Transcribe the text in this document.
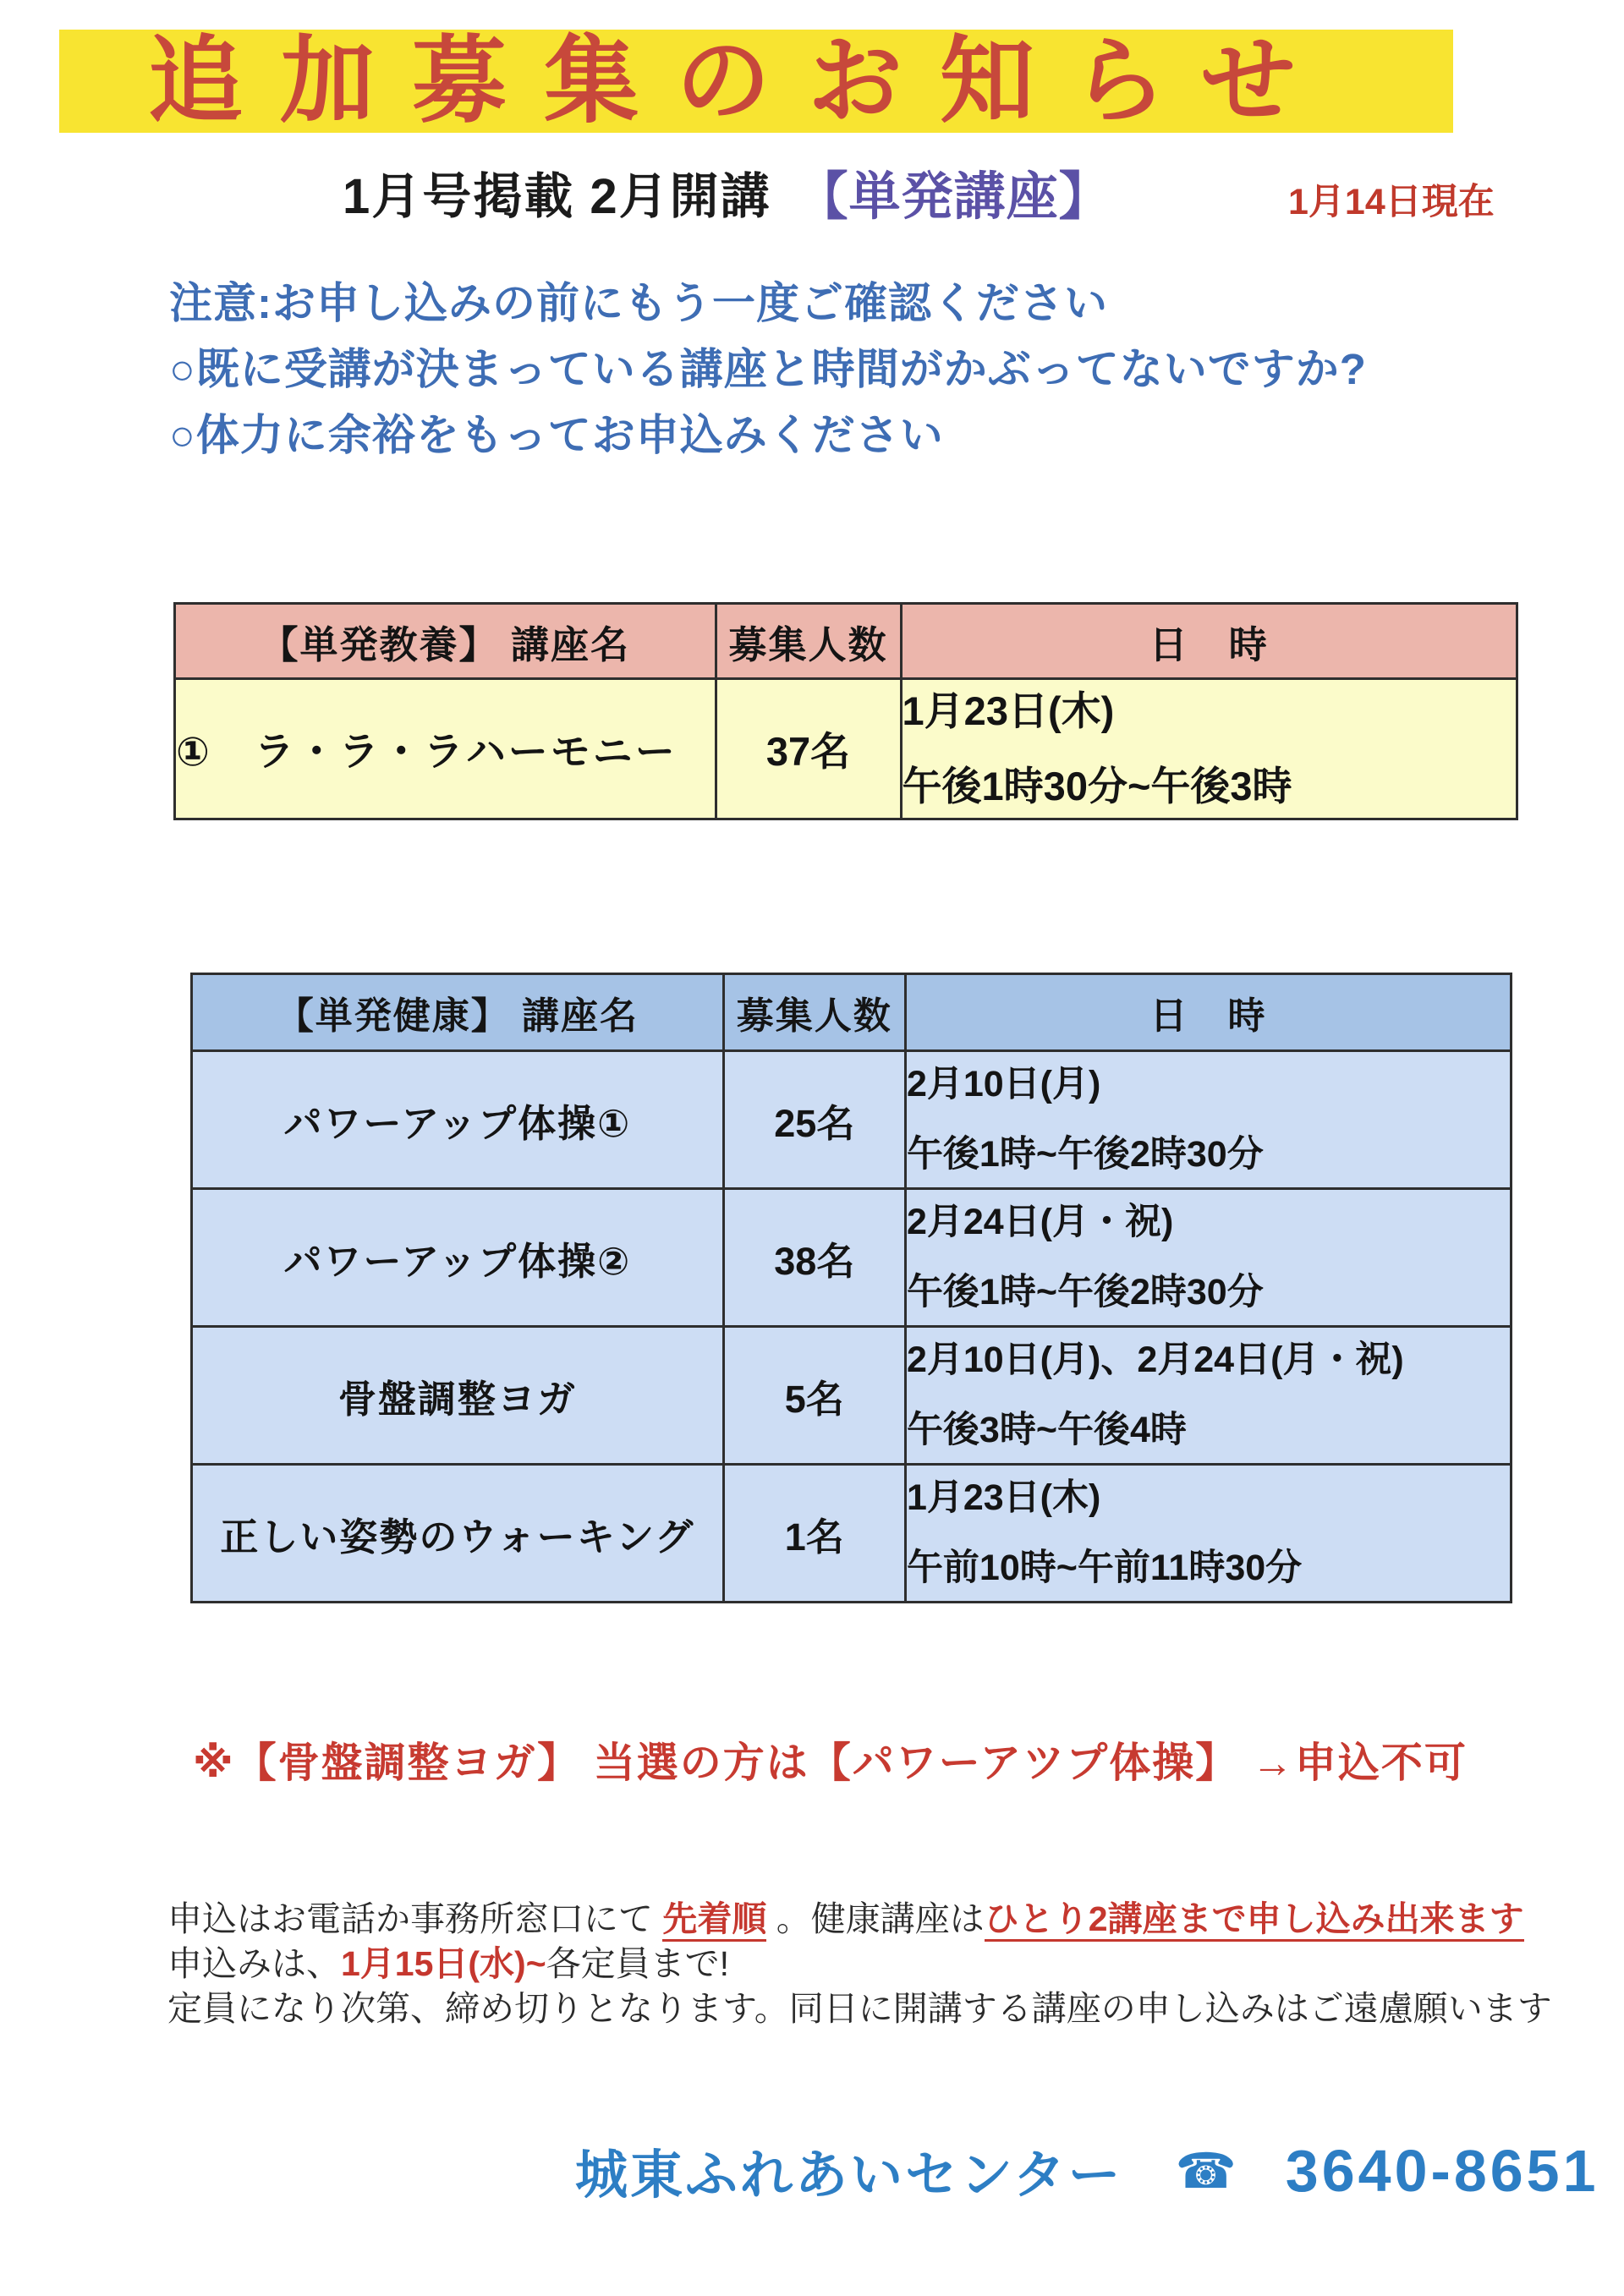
追加募集のお知らせ
1月号掲載 2月開講 【単発講座】	1月14日現在
注意:お申し込みの前にもう一度ご確認ください
○既に受講が決まっている講座と時間がかぶってないですか?
○体力に余裕をもってお申込みください
【単発教養】 講座名	募集人数	日　時
①　ラ・ラ・ラハーモニー	37名	1月23日(木)
午後1時30分~午後3時
【単発健康】 講座名	募集人数	日　時
パワーアップ体操①	25名	2月10日(月)
午後1時~午後2時30分

パワーアップ体操②	38名	2月24日(月・祝)
午後1時~午後2時30分

骨盤調整ヨガ	5名	2月10日(月)、2月24日(月・祝)
午後3時~午後4時

正しい姿勢のウォーキング	1名	1月23日(木)
午前10時~午前11時30分
※【骨盤調整ヨガ】 当選の方は【パワーアツプ体操】 →申込不可
申込はお電話か事務所窓口にて 先着順 。健康講座はひとり2講座まで申し込み出来ます
申込みは、1月15日(水)~各定員まで!
定員になり次第、締め切りとなります。同日に開講する講座の申し込みはご遠慮願います
城東ふれあいセンター ☎ 3640-8651
